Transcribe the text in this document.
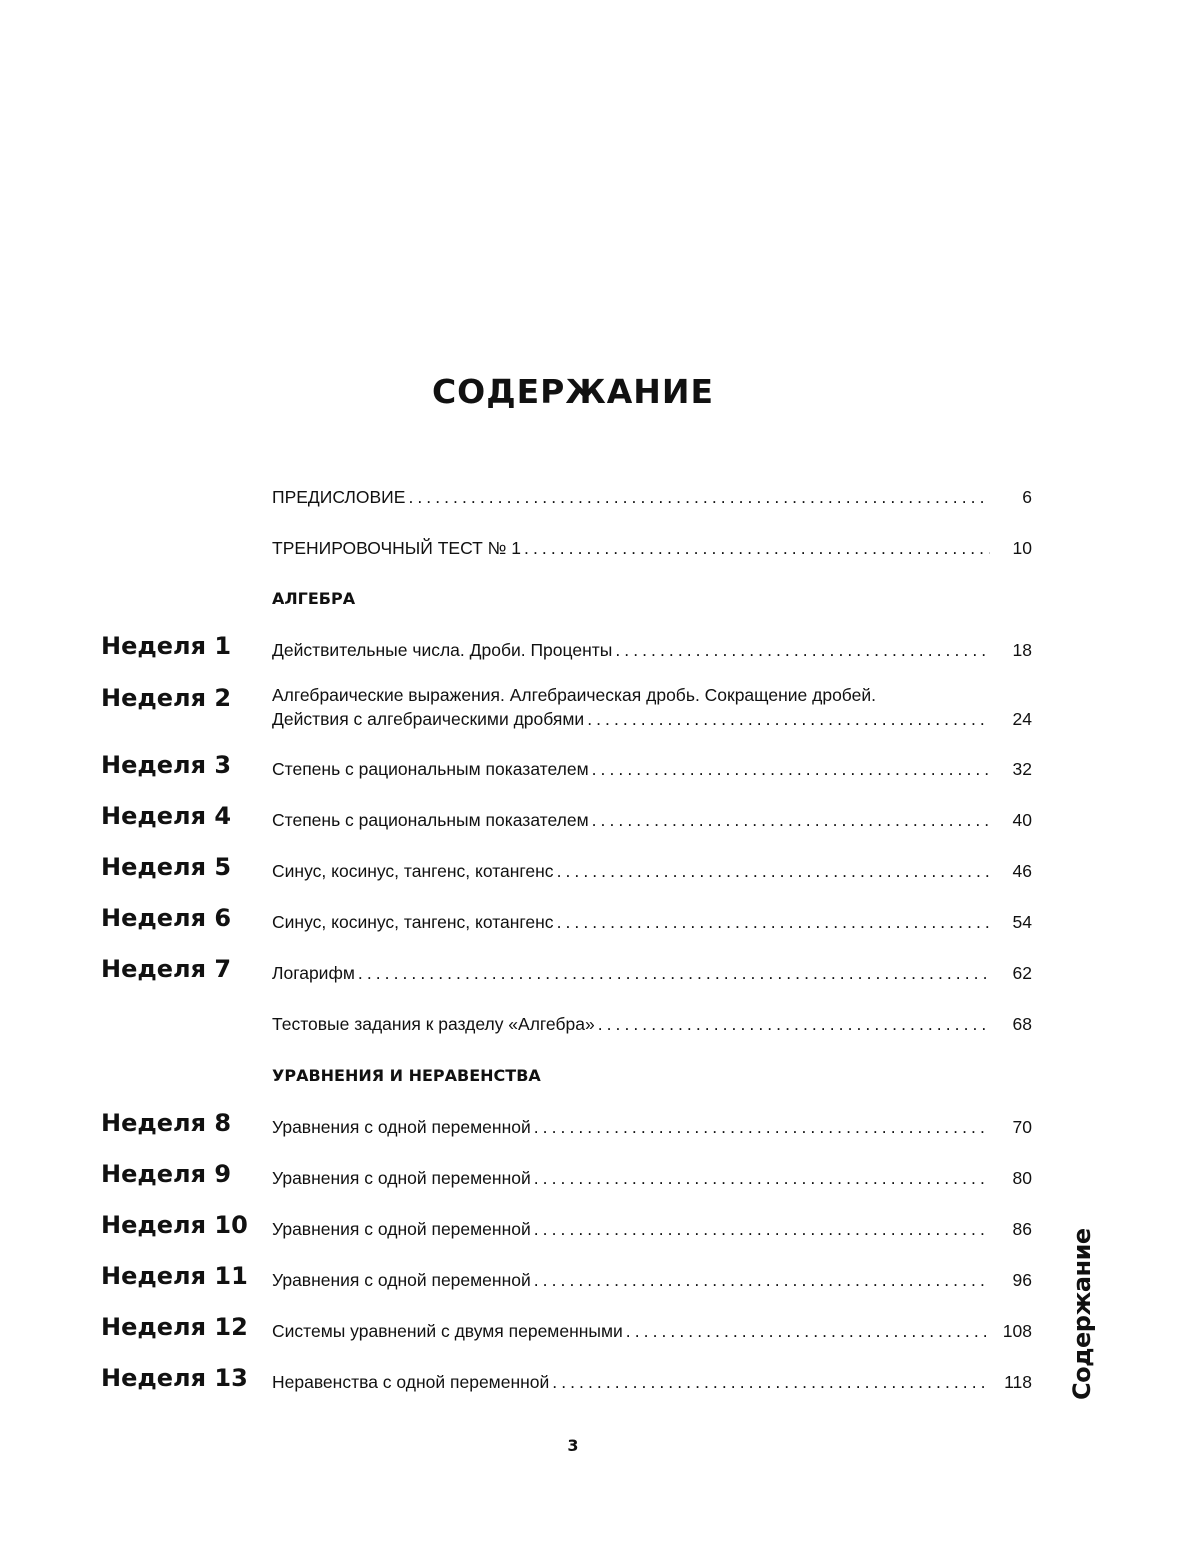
СОДЕРЖАНИЕ
ПРЕДИСЛОВИЕ . . .	6
ТРЕНИРОВОЧНЫЙ ТЕСТ № 1 . . .	10
АЛГЕБРА
Неделя 1 Действительные числа. Дроби. Проценты . . .	18
Неделя 2 Алгебраические выражения. Алгебраическая дробь. Сокращение дробей.
Действия с алгебраическими дробями . . .	24
Неделя 3 Степень с рациональным показателем . . .	32
Неделя 4 Степень с рациональным показателем . . .	40
Неделя 5 Синус, косинус, тангенс, котангенс . . .	46
Неделя 6 Синус, косинус, тангенс, котангенс . . .	54
Неделя 7 Логарифм . . .	62
Тестовые задания к разделу «Алгебра» . . .	68
УРАВНЕНИЯ И НЕРАВЕНСТВА
Неделя 8 Уравнения с одной переменной . . .	70
Неделя 9 Уравнения с одной переменной . . .	80
Неделя 10 Уравнения с одной переменной . . .	86
Неделя 11 Уравнения с одной переменной . . .	96
Неделя 12 Системы уравнений с двумя переменными . . .	108
Неделя 13 Неравенства с одной переменной . . .	118 Содержание
3
